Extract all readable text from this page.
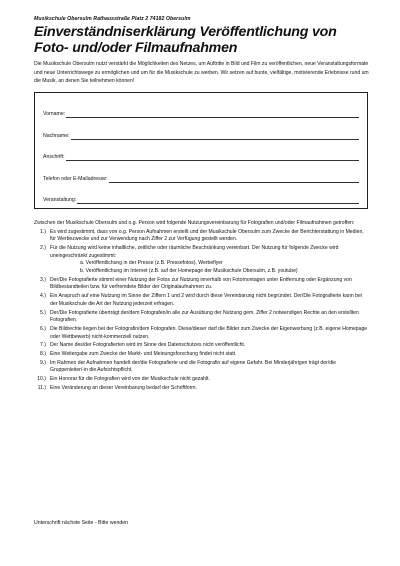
Musikschule Obersulm Rathausstraße Platz 2 74182 Obersulm
Einverständniserklärung Veröffentlichung von
Foto- und/oder Filmaufnahmen

Die Musikschule Obersulm nutzt verstärkt die Möglichkeiten des Netzes, um Auftritte in Bild und Film zu veröffentlichen, neue Veranstaltungsformate und neue Unterrichtswege zu ermöglichen und um für die Musikschule zu werben. Wir setzen auf bunte, vielfältige, motivierende Erlebnisse rund um die Musik, an denen Sie teilnehmen können!

Vorname:
Nachname:
Anschrift:
Telefon oder E-Mailadresse:
Veranstaltung:

Zwischen der Musikschule Obersulm und o.g. Person wird folgende Nutzungsvereinbarung für Fotografien und/oder Filmaufnahmen getroffen:

1.) Es wird zugestimmt, dass von o.g. Person Aufnahmen erstellt und der Musikschule Obersulm zum Zwecke der Berichterstattung in Medien, für Werbezwecke und zur Verwendung nach Ziffer 2 zur Verfügung gestellt werden.
2.) Für die Nutzung wird keine inhaltliche, zeitliche oder räumliche Beschränkung vereinbart. Der Nutzung für folgende Zwecke wird uneingeschränkt zugestimmt:
a. Veröffentlichung in der Presse (z.B. Pressefotos), Werbeflyer
b. Veröffentlichung im Internet (z.B. auf der Homepage der Musikschule Obersulm, z.B. youtube)
3.) Der/Die Fotografierte stimmt einer Nutzung der Fotos zur Nutzung innerhalb von Fotomontagen unter Entfernung oder Ergänzung von Bildbestandteilen bzw. für verfremdete Bilder der Originalaufnahmen zu.
4.) Ein Anspruch auf eine Nutzung im Sinne der Ziffern 1 und 2 wird durch diese Vereinbarung nicht begründet. Der/Die Fotografierte kann bei der Musikschule die Art der Nutzung jederzeit erfragen.
5.) Der/Die Fotografierte überträgt der/dem Fotografen/in alle zur Ausübung der Nutzung gem. Ziffer 2 notwendigen Rechte an den erstellten Fotografien.
6.) Die Bildrechte liegen bei der Fotografin/dem Fotografen. Diese/dieser darf die Bilder zum Zwecke der Eigenwerbung (z.B. eigene Homepage oder Wettbewerb) nicht-kommerziell nutzen.
7.) Der Name des/der Fotografierten wird im Sinne des Datenschutzes nicht veröffentlicht.
8.) Eine Weitergabe zum Zwecke der Markt- und Meinungsforschung findet nicht statt.
9.) Im Rahmen der Aufnahmen handelt der/die Fotografierte und die Fotografin auf eigene Gefahr. Bei Minderjährigen trägt der/die Gruppenleiter/-in die Aufsichtspflicht.
10.) Ein Honorar für die Fotografien wird von der Musikschule nicht gezahlt.
11.) Eine Veränderung an dieser Vereinbarung bedarf der Schriftform.
Unterschrift nächste Seite - Bitte wenden
